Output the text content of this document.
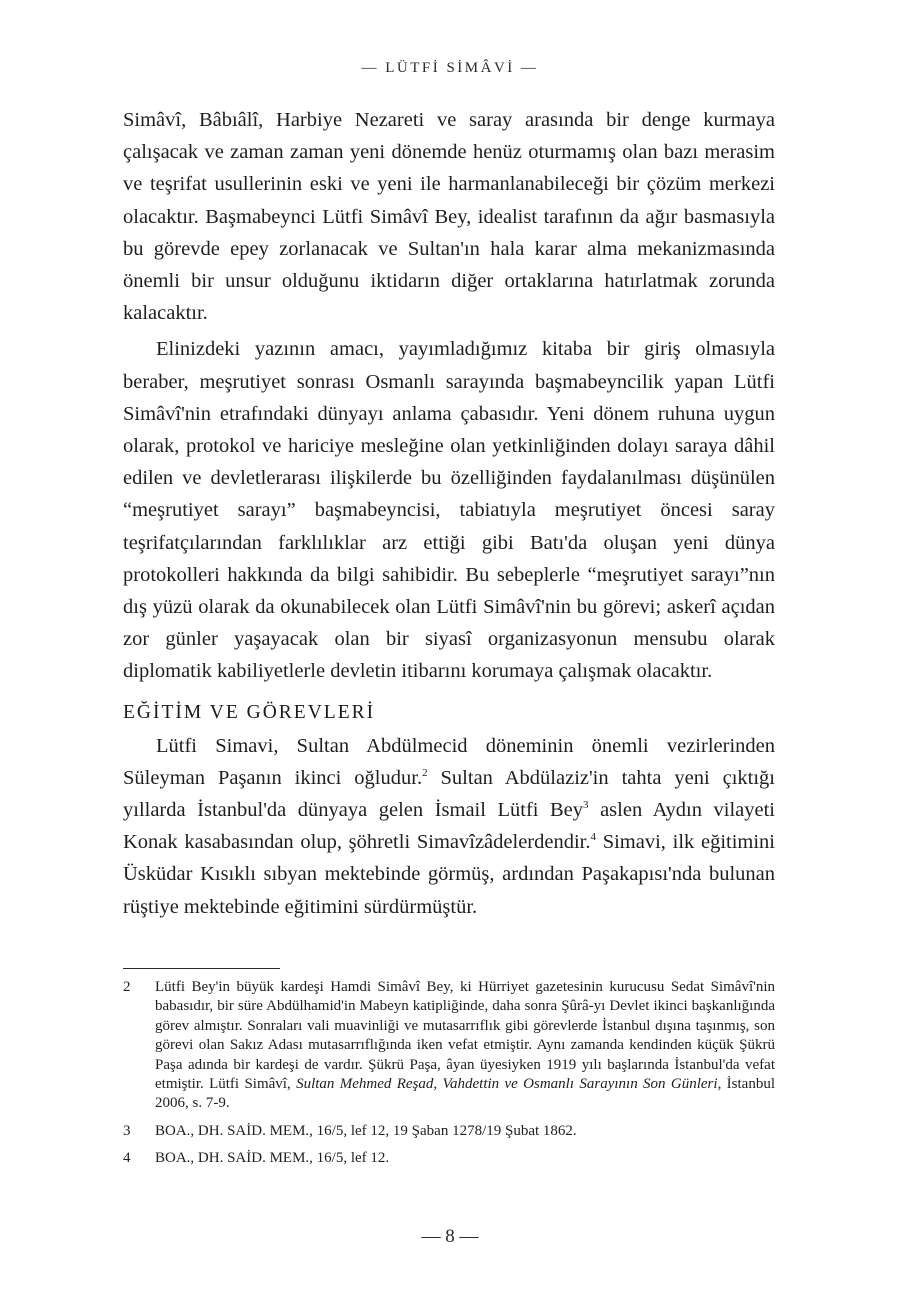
— LÜTFİ SİMÂVİ —

Simâvî, Bâbıâlî, Harbiye Nezareti ve saray arasında bir denge kurmaya çalışacak ve zaman zaman yeni dönemde henüz oturmamış olan bazı merasim ve teşrifat usullerinin eski ve yeni ile harmanlanabileceği bir çözüm merkezi olacaktır. Başmabeynci Lütfi Simâvî Bey, idealist tarafının da ağır basmasıyla bu görevde epey zorlanacak ve Sultan'ın hala karar alma mekanizmasında önemli bir unsur olduğunu iktidarın diğer ortaklarına hatırlatmak zorunda kalacaktır.

Elinizdeki yazının amacı, yayımladığımız kitaba bir giriş olmasıyla beraber, meşrutiyet sonrası Osmanlı sarayında başmabeyncilik yapan Lütfi Simâvî'nin etrafındaki dünyayı anlama çabasıdır. Yeni dönem ruhuna uygun olarak, protokol ve hariciye mesleğine olan yetkinliğinden dolayı saraya dâhil edilen ve devletlerarası ilişkilerde bu özelliğinden faydalanılması düşünülen “meşrutiyet sarayı” başmabeyncisi, tabiatıyla meşrutiyet öncesi saray teşrifatçılarından farklılıklar arz ettiği gibi Batı'da oluşan yeni dünya protokolleri hakkında da bilgi sahibidir. Bu sebeplerle “meşrutiyet sarayı”nın dış yüzü olarak da okunabilecek olan Lütfi Simâvî'nin bu görevi; askerî açıdan zor günler yaşayacak olan bir siyasî organizasyonun mensubu olarak diplomatik kabiliyetlerle devletin itibarını korumaya çalışmak olacaktır.

EĞİTİM VE GÖREVLERİ

Lütfi Simavi, Sultan Abdülmecid döneminin önemli vezirlerinden Süleyman Paşanın ikinci oğludur.$^2$ Sultan Abdülaziz'in tahta yeni çıktığı yıllarda İstanbul'da dünyaya gelen İsmail Lütfi Bey$^3$ aslen Aydın vilayeti Konak kasabasından olup, şöhretli Simavîzâdelerdendir.$^4$ Simavi, ilk eğitimini Üsküdar Kısıklı sıbyan mektebinde görmüş, ardından Paşakapısı'nda bulunan rüştiye mektebinde eğitimini sürdürmüştür.

2	Lütfi Bey'in büyük kardeşi Hamdi Simâvî Bey, ki Hürriyet gazetesinin kurucusu Sedat Simâvî'nin babasıdır, bir süre Abdülhamid'in Mabeyn katipliğinde, daha sonra Şûrâ-yı Devlet ikinci başkanlığında görev almıştır. Sonraları vali muavinliği ve mutasarrıflık gibi görevlerde İstanbul dışına taşınmış, son görevi olan Sakız Adası mutasarrıflığında iken vefat etmiştir. Aynı zamanda kendinden küçük Şükrü Paşa adında bir kardeşi de vardır. Şükrü Paşa, âyan üyesiyken 1919 yılı başlarında İstanbul'da vefat etmiştir. Lütfi Simâvî, Sultan Mehmed Reşad, Vahdettin ve Osmanlı Sarayının Son Günleri, İstanbul 2006, s. 7-9.
3	BOA., DH. SAİD. MEM., 16/5, lef 12, 19 Şaban 1278/19 Şubat 1862.
4	BOA., DH. SAİD. MEM., 16/5, lef 12.
— 8 —
